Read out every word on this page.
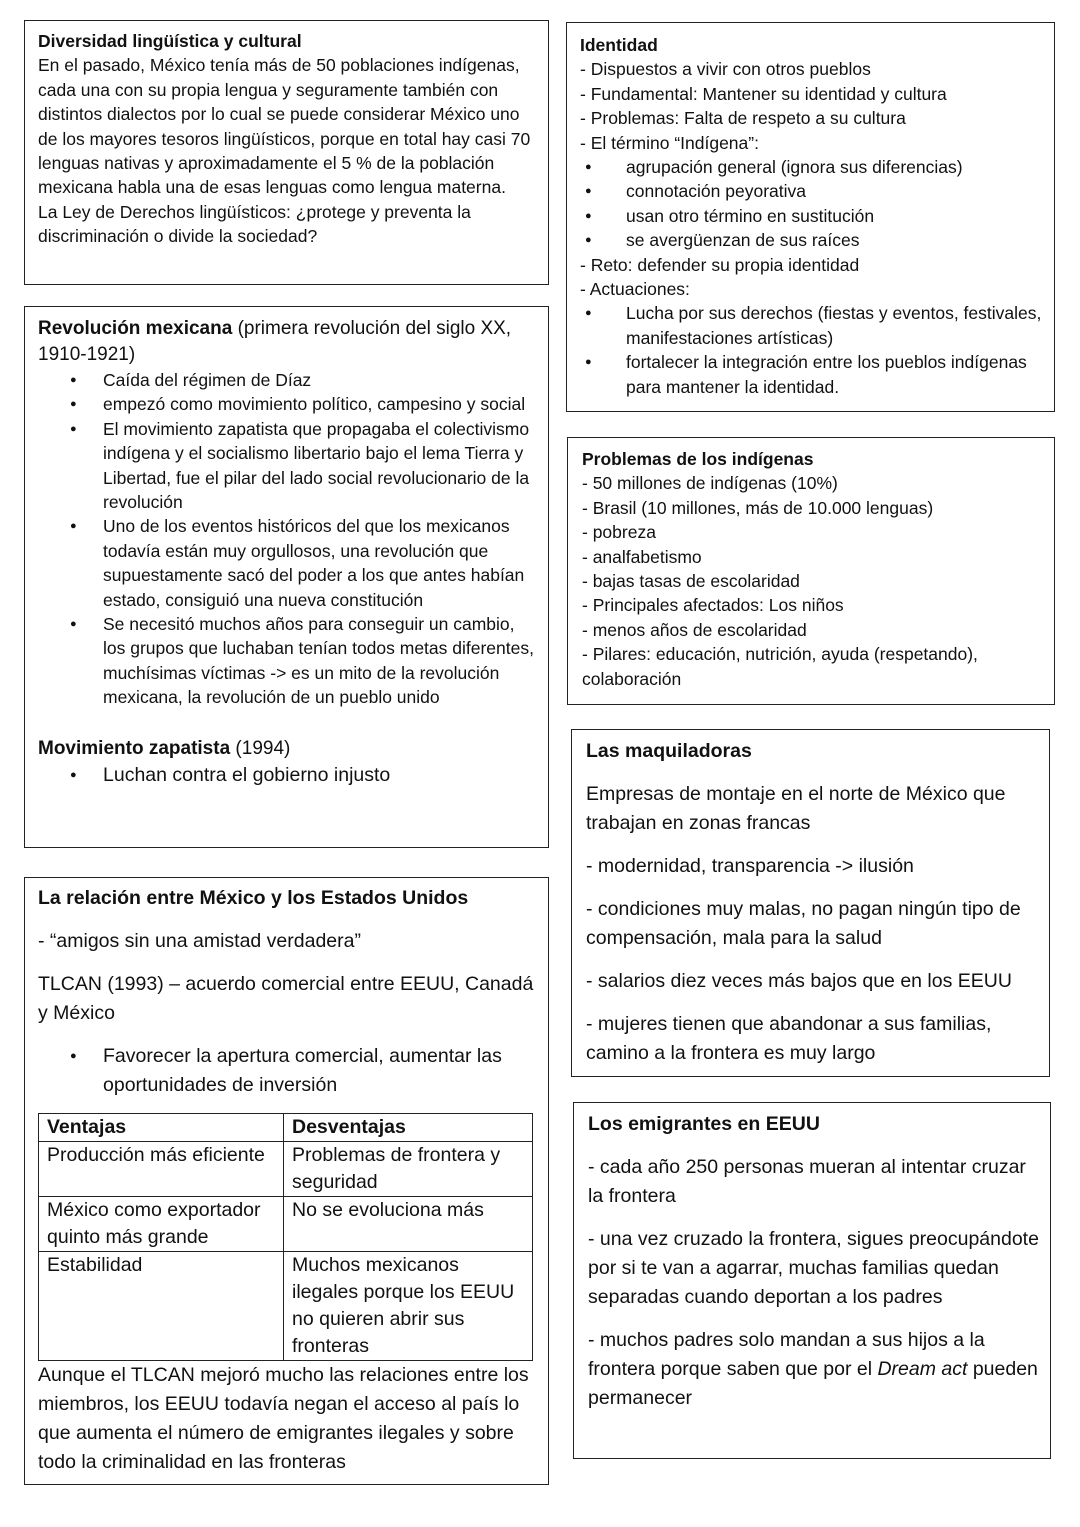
Diversidad lingüística y cultural

En el pasado, México tenía más de 50 poblaciones indígenas, cada una con su propia lengua y seguramente también con distintos dialectos por lo cual se puede considerar México uno de los mayores tesoros lingüísticos, porque en total hay casi 70 lenguas nativas y aproximadamente el 5 % de la población mexicana habla una de esas lenguas como lengua materna.

La Ley de Derechos lingüísticos: ¿protege y preventa la discriminación o divide la sociedad?

Revolución mexicana (primera revolución del siglo XX, 1910-1921)

● Caída del régimen de Díaz
● empezó como movimiento político, campesino y social
● El movimiento zapatista que propagaba el colectivismo indígena y el socialismo libertario bajo el lema Tierra y Libertad, fue el pilar del lado social revolucionario de la revolución
● Uno de los eventos históricos del que los mexicanos todavía están muy orgullosos, una revolución que supuestamente sacó del poder a los que antes habían estado, consiguió una nueva constitución
● Se necesitó muchos años para conseguir un cambio, los grupos que luchaban tenían todos metas diferentes, muchísimas víctimas -> es un mito de la revolución mexicana, la revolución de un pueblo unido

Movimiento zapatista (1994)

● Luchan contra el gobierno injusto

La relación entre México y los Estados Unidos

- “amigos sin una amistad verdadera”

TLCAN (1993) – acuerdo comercial entre EEUU, Canadá y México

● Favorecer la apertura comercial, aumentar las oportunidades de inversión
Ventajas	Desventajas
Producción más eficiente	Problemas de frontera y seguridad
México como exportador quinto más grande	No se evoluciona más
Estabilidad	Muchos mexicanos ilegales porque los EEUU no quieren abrir sus fronteras

Aunque el TLCAN mejoró mucho las relaciones entre los miembros, los EEUU todavía negan el acceso al país lo que aumenta el número de emigrantes ilegales y sobre todo la criminalidad en las fronteras

Identidad

- Dispuestos a vivir con otros pueblos

- Fundamental: Mantener su identidad y cultura

- Problemas: Falta de respeto a su cultura

- El término “Indígena”:

● agrupación general (ignora sus diferencias)
● connotación peyorativa
● usan otro término en sustitución
● se avergüenzan de sus raíces

- Reto: defender su propia identidad

- Actuaciones:

● Lucha por sus derechos (fiestas y eventos, festivales, manifestaciones artísticas)
● fortalecer la integración entre los pueblos indígenas para mantener la identidad.

Problemas de los indígenas

- 50 millones de indígenas (10%)

- Brasil (10 millones, más de 10.000 lenguas)

- pobreza

- analfabetismo

- bajas tasas de escolaridad

- Principales afectados: Los niños

- menos años de escolaridad

- Pilares: educación, nutrición, ayuda (respetando), colaboración

Las maquiladoras

Empresas de montaje en el norte de México que trabajan en zonas francas

- modernidad, transparencia -> ilusión

- condiciones muy malas, no pagan ningún tipo de compensación, mala para la salud

- salarios diez veces más bajos que en los EEUU

- mujeres tienen que abandonar a sus familias, camino a la frontera es muy largo

Los emigrantes en EEUU

- cada año 250 personas mueran al intentar cruzar la frontera

- una vez cruzado la frontera, sigues preocupándote por si te van a agarrar, muchas familias quedan separadas cuando deportan a los padres

- muchos padres solo mandan a sus hijos a la frontera porque saben que por el Dream act pueden permanecer
